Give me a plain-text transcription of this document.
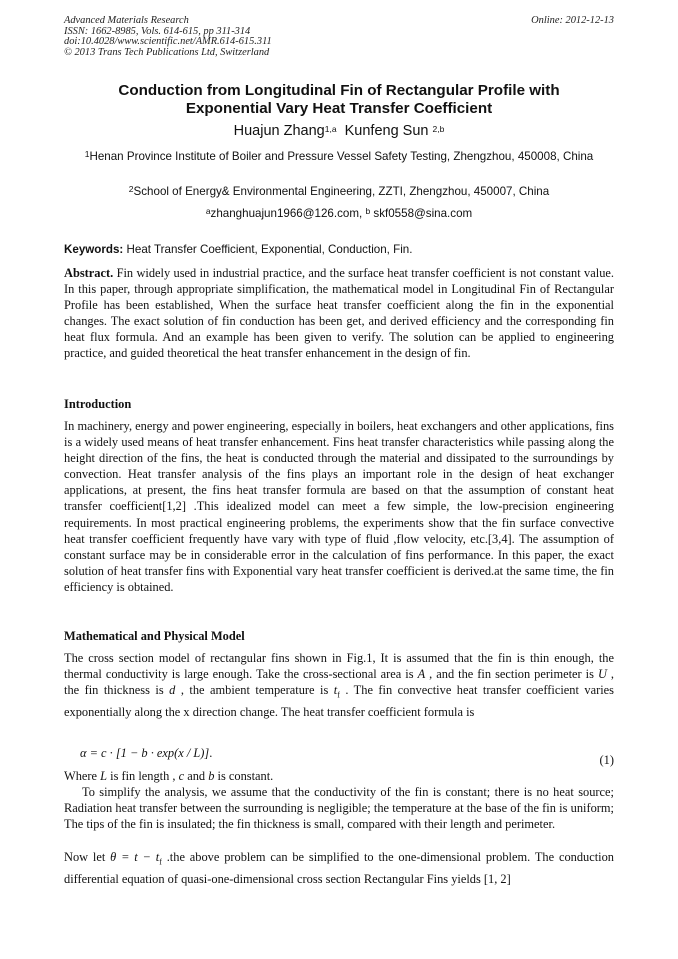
Advanced Materials Research
ISSN: 1662-8985, Vols. 614-615, pp 311-314
doi:10.4028/www.scientific.net/AMR.614-615.311
© 2013 Trans Tech Publications Ltd, Switzerland
Online: 2012-12-13
Conduction from Longitudinal Fin of Rectangular Profile with
Exponential Vary Heat Transfer Coefficient
Huajun Zhang$^{1,a}$ Kunfeng Sun $^{2,b}$
$^1$Henan Province Institute of Boiler and Pressure Vessel Safety Testing, Zhengzhou, 450008, China
$^2$School of Energy& Environmental Engineering, ZZTI, Zhengzhou, 450007, China
$^a$zhanghuajun1966@126.com, $^b$ skf0558@sina.com
Keywords: Heat Transfer Coefficient, Exponential, Conduction, Fin.
Abstract. Fin widely used in industrial practice, and the surface heat transfer coefficient is not constant value. In this paper, through appropriate simplification, the mathematical model in Longitudinal Fin of Rectangular Profile has been established, When the surface heat transfer coefficient along the fin in the exponential changes. The exact solution of fin conduction has been get, and derived efficiency and the corresponding fin heat flux formula. And an example has been given to verify. The solution can be applied to engineering practice, and guided theoretical the heat transfer enhancement in the design of fin.
Introduction
In machinery, energy and power engineering, especially in boilers, heat exchangers and other applications, fins is a widely used means of heat transfer enhancement. Fins heat transfer characteristics while passing along the height direction of the fins, the heat is conducted through the material and dissipated to the surroundings by convection. Heat transfer analysis of the fins plays an important role in the design of heat exchanger applications, at present, the fins heat transfer formula are based on that the assumption of constant heat transfer coefficient[1,2] .This idealized model can meet a few simple, the low-precision engineering requirements. In most practical engineering problems, the experiments show that the fin surface convective heat transfer coefficient frequently have vary with type of fluid ,flow velocity, etc.[3,4]. The assumption of constant surface may be in considerable error in the calculation of fins performance. In this paper, the exact solution of heat transfer fins with Exponential vary heat transfer coefficient is derived.at the same time, the fin efficiency is obtained.
Mathematical and Physical Model
The cross section model of rectangular fins shown in Fig.1, It is assumed that the fin is thin enough, the thermal conductivity is large enough. Take the cross-sectional area is A , and the fin section perimeter is U , the fin thickness is d , the ambient temperature is $t_f$ . The fin convective heat transfer coefficient varies exponentially along the x direction change. The heat transfer coefficient formula is
α = c · [1 − b · exp(x / L)].	(1)
Where L is fin length , c and b is constant.
To simplify the analysis, we assume that the conductivity of the fin is constant; there is no heat source; Radiation heat transfer between the surrounding is negligible; the temperature at the base of the fin is uniform; The tips of the fin is insulated; the fin thickness is small, compared with their length and perimeter.
Now let $\theta = t - t_f$ .the above problem can be simplified to the one-dimensional problem. The conduction differential equation of quasi-one-dimensional cross section Rectangular Fins yields [1, 2]
